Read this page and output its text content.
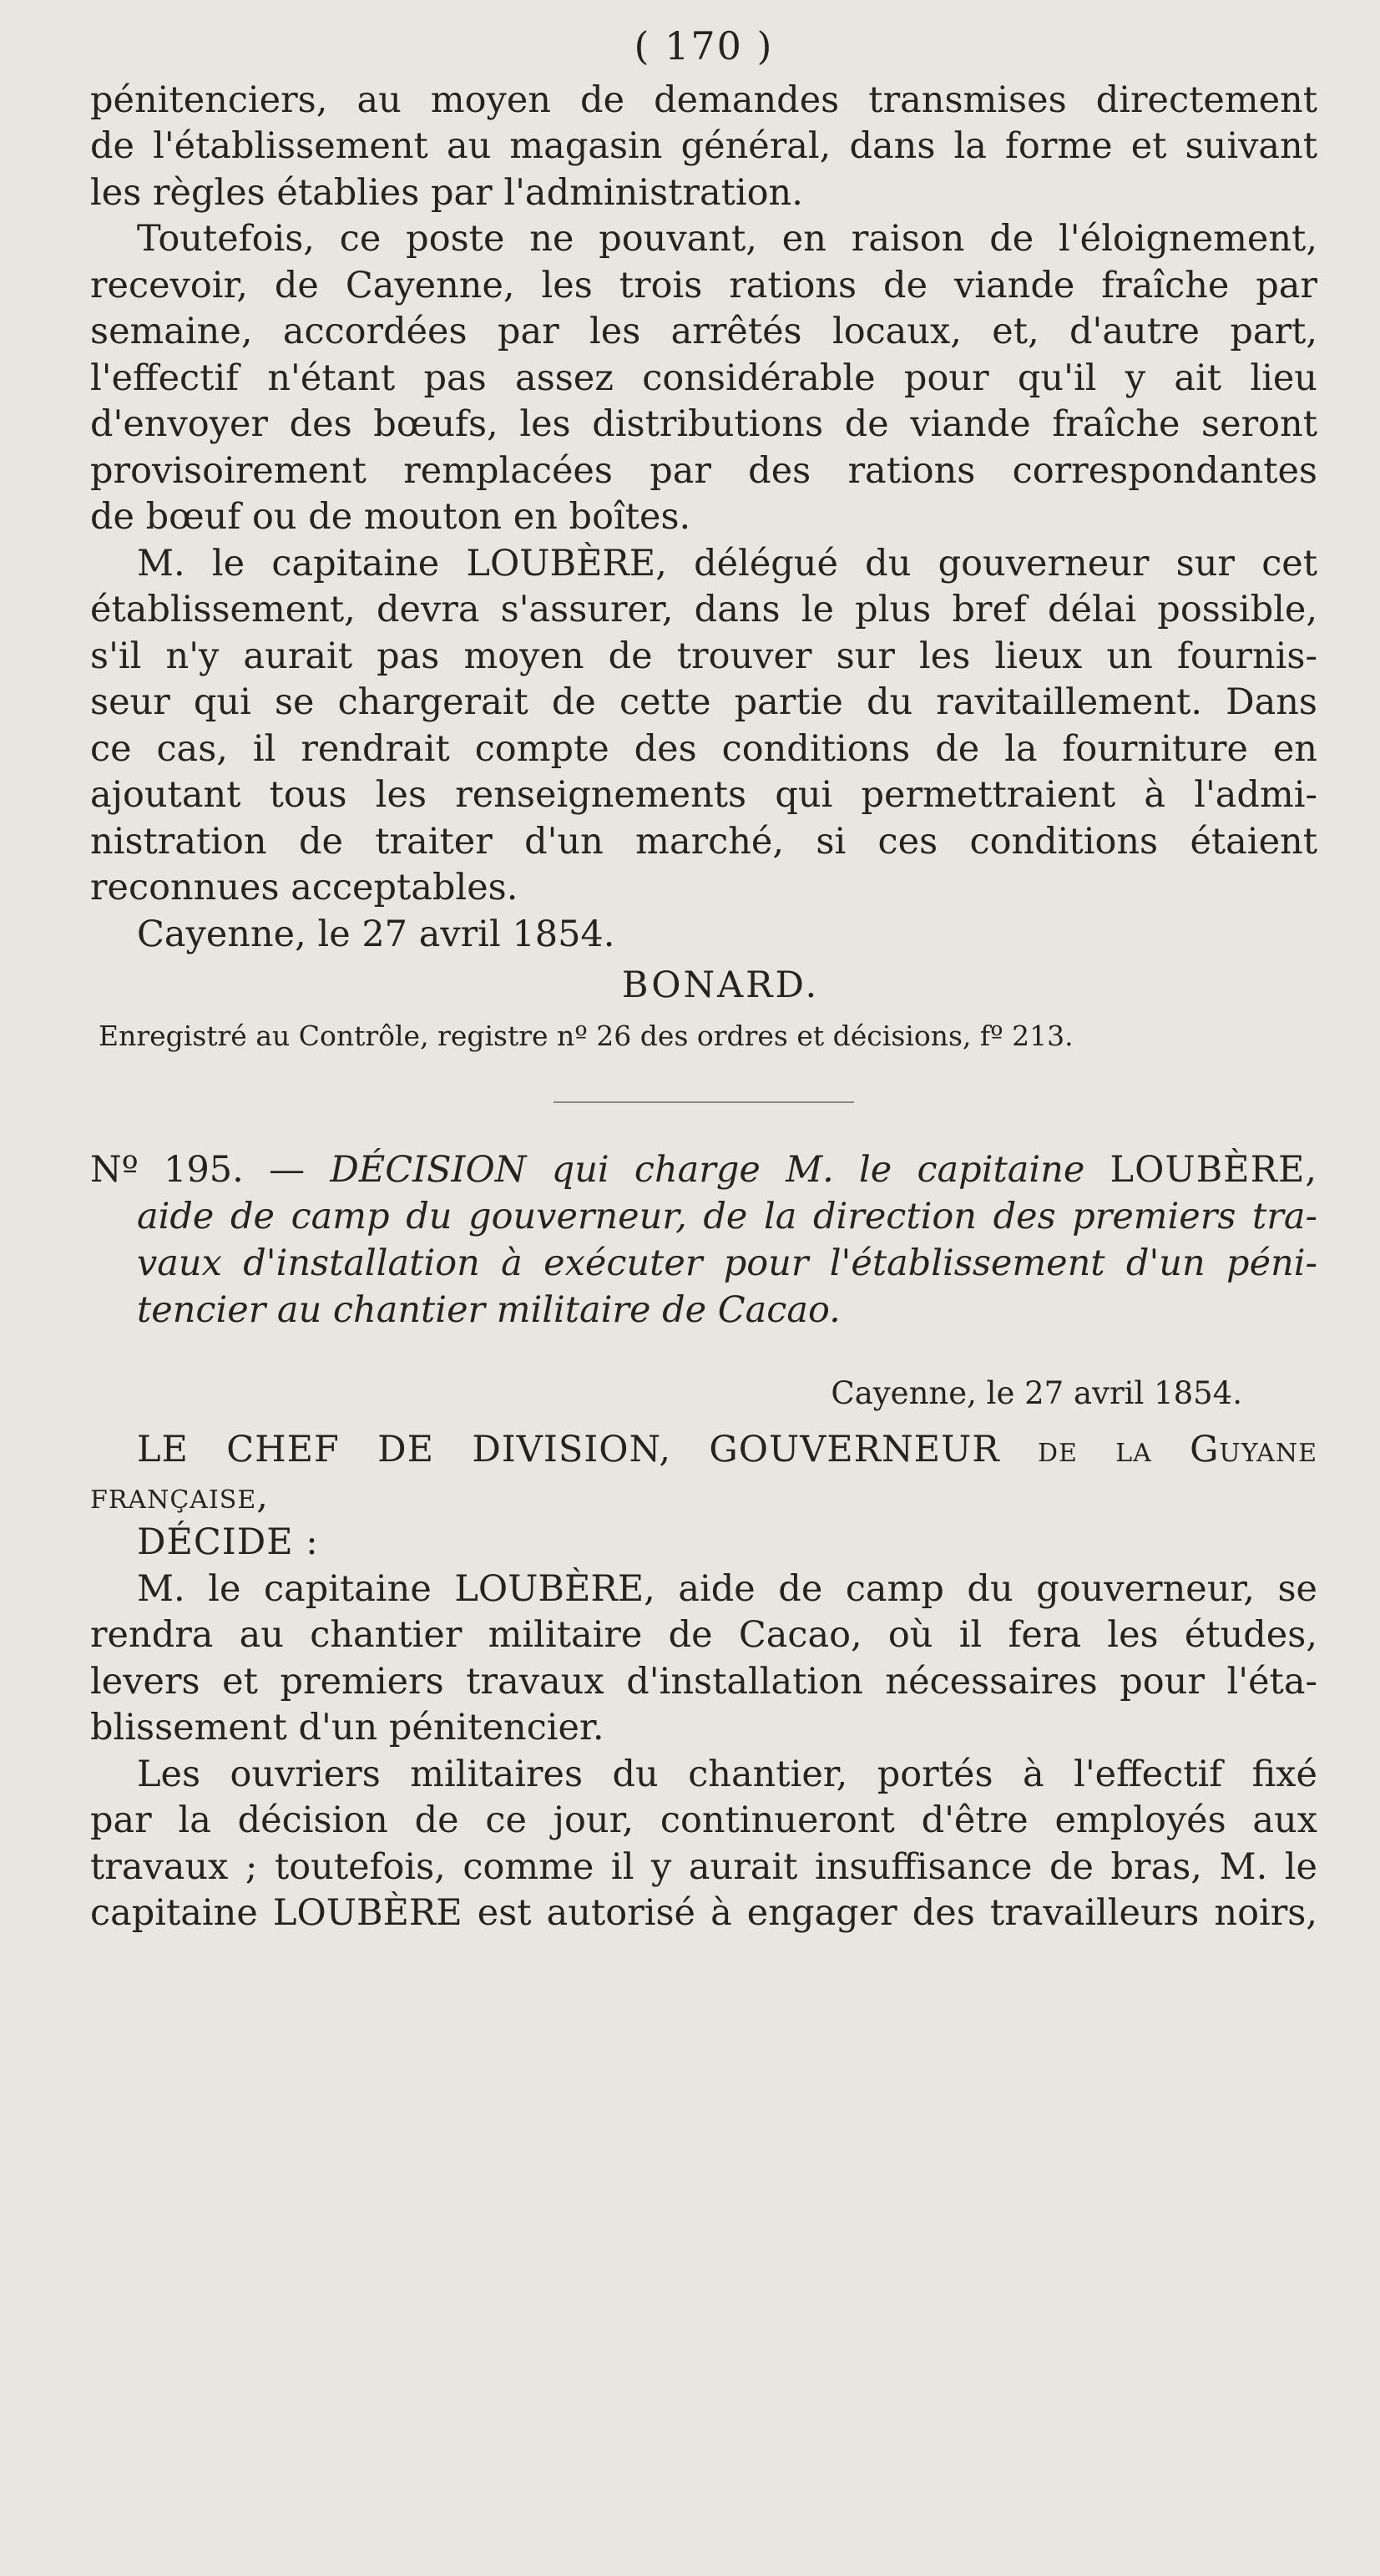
( 170 )
pénitenciers, au moyen de demandes transmises directement
de l'établissement au magasin général, dans la forme et suivant
les règles établies par l'administration.
Toutefois, ce poste ne pouvant, en raison de l'éloignement,
recevoir, de Cayenne, les trois rations de viande fraîche par
semaine, accordées par les arrêtés locaux, et, d'autre part,
l'effectif n'étant pas assez considérable pour qu'il y ait lieu
d'envoyer des bœufs, les distributions de viande fraîche seront
provisoirement remplacées par des rations correspondantes
de bœuf ou de mouton en boîtes.
M. le capitaine LOUBÈRE, délégué du gouverneur sur cet
établissement, devra s'assurer, dans le plus bref délai possible,
s'il n'y aurait pas moyen de trouver sur les lieux un fournis-
seur qui se chargerait de cette partie du ravitaillement. Dans
ce cas, il rendrait compte des conditions de la fourniture en
ajoutant tous les renseignements qui permettraient à l'admi-
nistration de traiter d'un marché, si ces conditions étaient
reconnues acceptables.
Cayenne, le 27 avril 1854.
BONARD.
Enregistré au Contrôle, registre nº 26 des ordres et décisions, fº 213.
Nº 195. — DÉCISION qui charge M. le capitaine LOUBÈRE,
aide de camp du gouverneur, de la direction des premiers tra-
vaux d'installation à exécuter pour l'établissement d'un péni-
tencier au chantier militaire de Cacao.
Cayenne, le 27 avril 1854.
LE CHEF DE DIVISION, GOUVERNEUR de la Guyane française,
DÉCIDE :
M. le capitaine LOUBÈRE, aide de camp du gouverneur, se
rendra au chantier militaire de Cacao, où il fera les études,
levers et premiers travaux d'installation nécessaires pour l'éta-
blissement d'un pénitencier.
Les ouvriers militaires du chantier, portés à l'effectif fixé
par la décision de ce jour, continueront d'être employés aux
travaux ; toutefois, comme il y aurait insuffisance de bras, M. le
capitaine LOUBÈRE est autorisé à engager des travailleurs noirs,
